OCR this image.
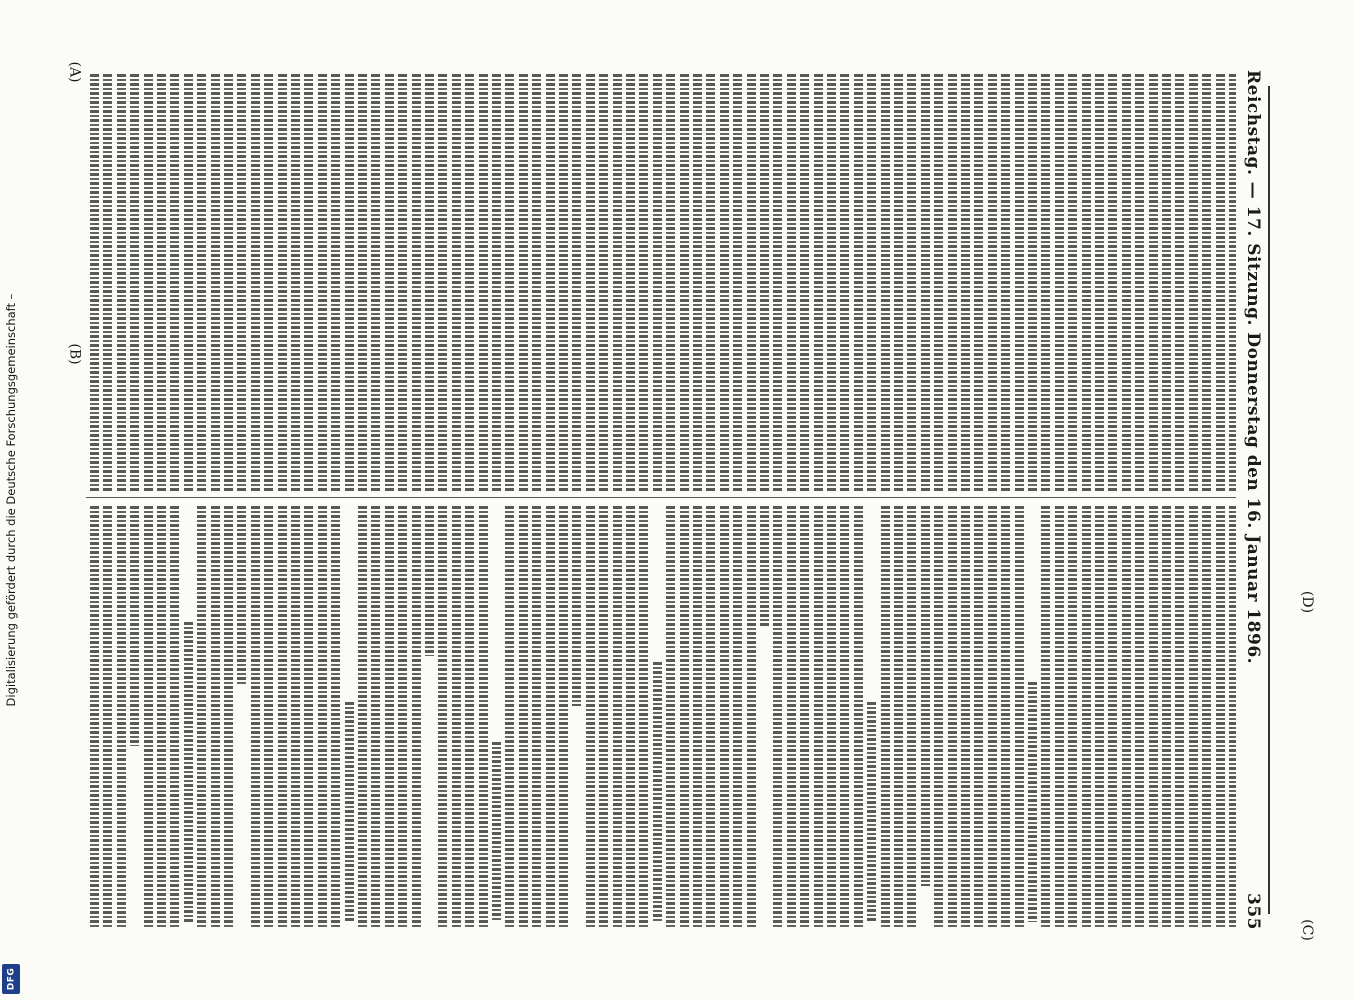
Digitalisierung gefördert durch die Deutsche Forschungsgemeinschaft –
DFG
Reichstag. — 17. Sitzung. Donnerstag den 16. Januar 1896.
355
(A)
(B)
(C)
(D)
